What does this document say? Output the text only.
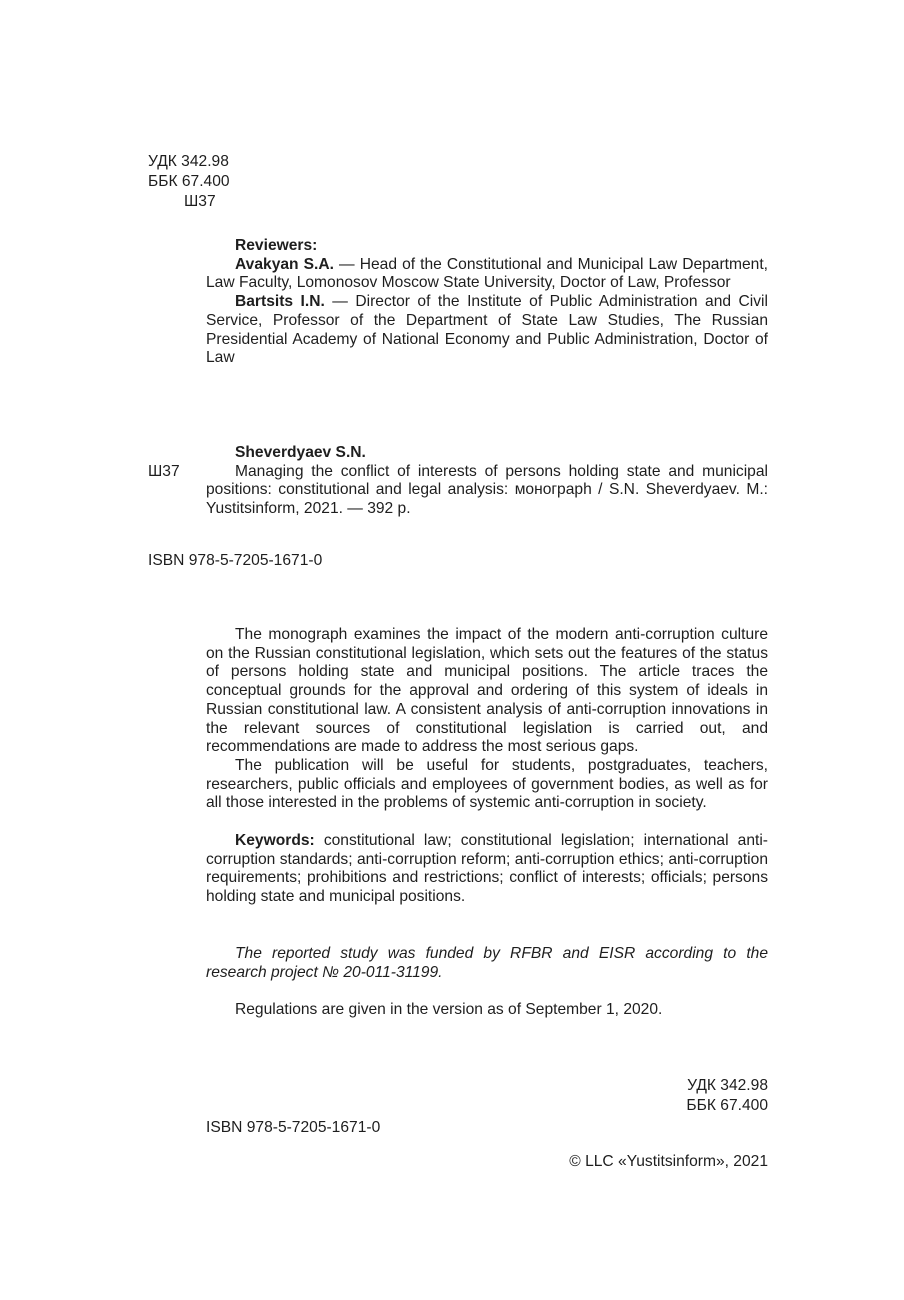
УДК 342.98
ББК 67.400
Ш37

Reviewers:

Avakyan S.A. — Head of the Constitutional and Municipal Law Department, Law Faculty, Lomonosov Moscow State University, Doctor of Law, Professor

Bartsits I.N. — Director of the Institute of Public Administration and Civil Service, Professor of the Department of State Law Studies, The Russian Presidential Academy of National Economy and Public Administration, Doctor of Law

Sheverdyaev S.N.
Ш37	Managing the conflict of interests of persons holding state and municipal positions: constitutional and legal analysis: монограph / S.N. Sheverdyaev. M.: Yustitsinform, 2021. — 392 p.

ISBN 978-5-7205-1671-0

The monograph examines the impact of the modern anti-corruption culture on the Russian constitutional legislation, which sets out the features of the status of persons holding state and municipal positions. The article traces the conceptual grounds for the approval and ordering of this system of ideals in Russian constitutional law. A consistent analysis of anti-corruption innovations in the relevant sources of constitutional legislation is carried out, and recommendations are made to address the most serious gaps.

The publication will be useful for students, postgraduates, teachers, researchers, public officials and employees of government bodies, as well as for all those interested in the problems of systemic anti-corruption in society.

Keywords: constitutional law; constitutional legislation; international anti-corruption standards; anti-corruption reform; anti-corruption ethics; anti-corruption requirements; prohibitions and restrictions; conflict of interests; officials; persons holding state and municipal positions.

The reported study was funded by RFBR and EISR according to the research project № 20-011-31199.

Regulations are given in the version as of September 1, 2020.

УДК 342.98
ББК 67.400
ISBN 978-5-7205-1671-0
© LLC «Yustitsinform», 2021
